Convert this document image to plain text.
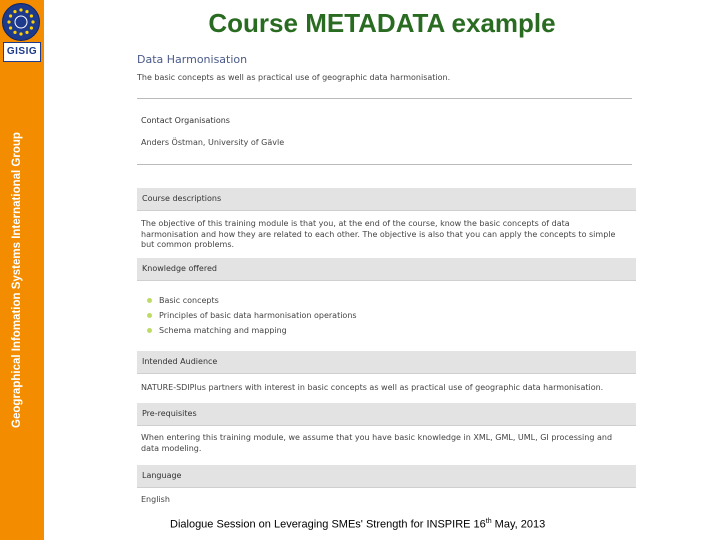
GISIG
Geographical Infomation Systems International Group
Course METADATA example
Data Harmonisation
The basic concepts as well as practical use of geographic data harmonisation.
Contact Organisations
Anders Östman, University of Gävle
Course descriptions
The objective of this training module is that you, at the end of the course, know the basic concepts of data harmonisation and how they are related to each other. The objective is also that you can apply the concepts to simple but common problems.
Knowledge offered
Basic concepts
Principles of basic data harmonisation operations
Schema matching and mapping
Intended Audience
NATURE-SDIPlus partners with interest in basic concepts as well as practical use of geographic data harmonisation.
Pre-requisites
When entering this training module, we assume that you have basic knowledge in XML, GML, UML, GI processing and data modeling.
Language
English
Dialogue Session on Leveraging SMEs' Strength for INSPIRE 16th May, 2013
